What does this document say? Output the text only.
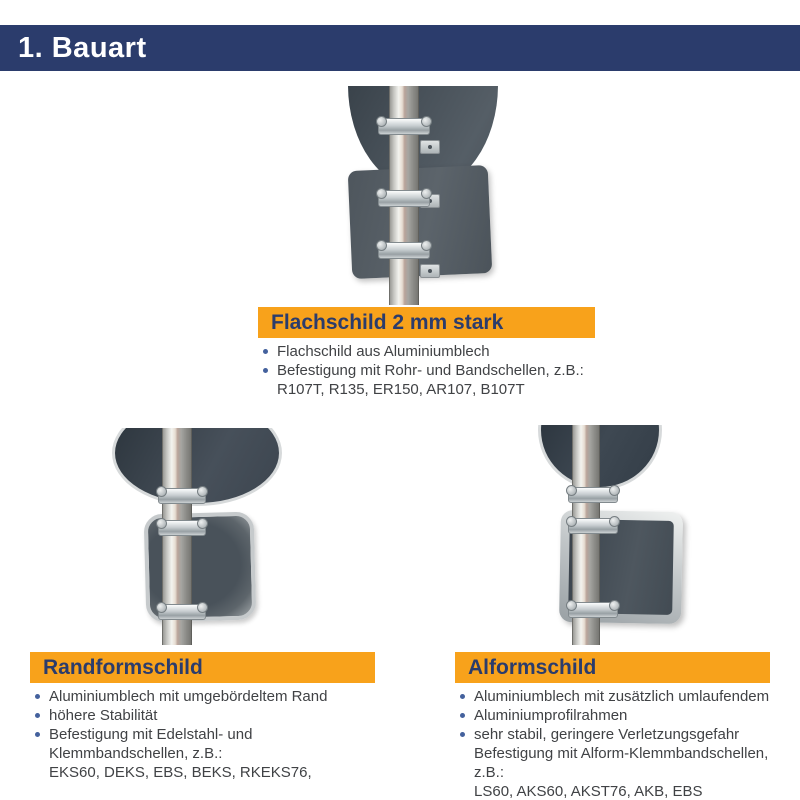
1. Bauart
Flachschild 2 mm stark
Flachschild aus Aluminiumblech
Befestigung mit Rohr- und Bandschellen, z.B.:
R107T, R135, ER150, AR107, B107T
Randformschild
Aluminiumblech mit umgebördeltem Rand
höhere Stabilität
Befestigung mit Edelstahl- und
Klemmbandschellen, z.B.:
EKS60, DEKS, EBS, BEKS, RKEKS76,
Alformschild
Aluminiumblech mit zusätzlich umlaufendem
Aluminiumprofilrahmen
sehr stabil, geringere Verletzungsgefahr
Befestigung mit Alform-Klemmbandschellen, z.B.:
LS60, AKS60, AKST76, AKB, EBS
